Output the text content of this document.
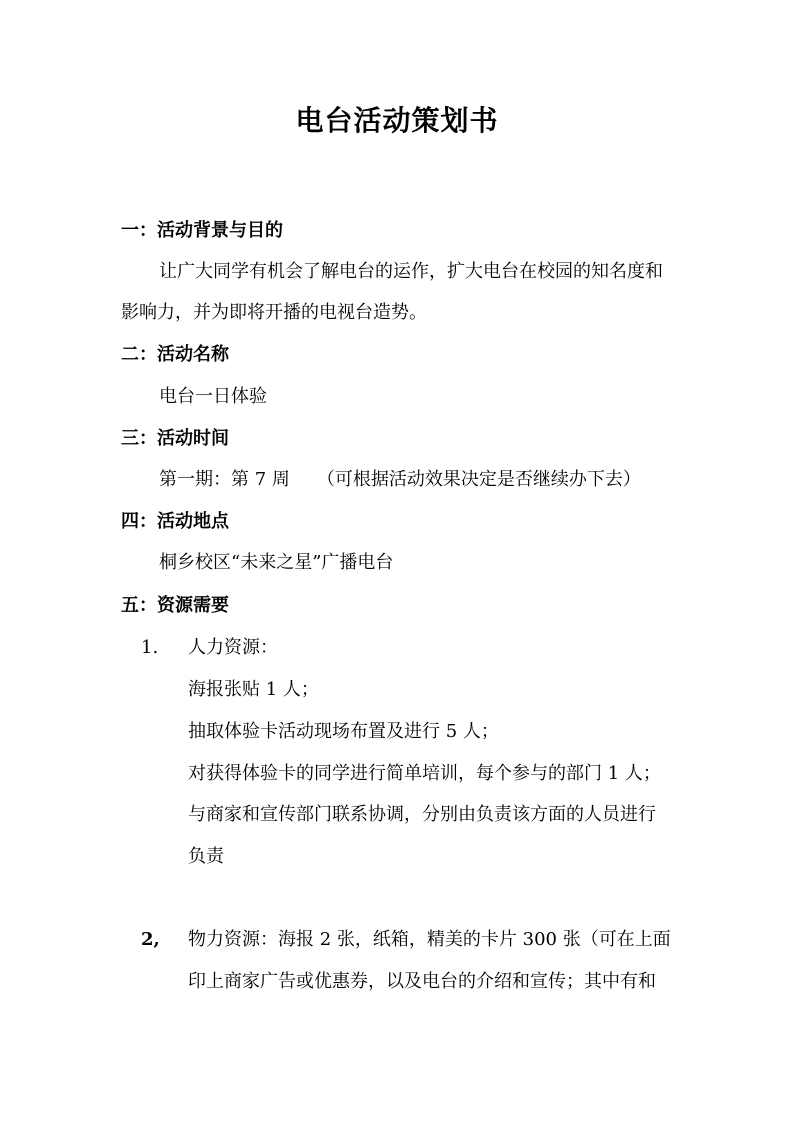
电台活动策划书
一：活动背景与目的
让广大同学有机会了解电台的运作，扩大电台在校园的知名度和
影响力，并为即将开播的电视台造势。
二：活动名称
电台一日体验
三：活动时间
第一期：第 7 周　　（可根据活动效果决定是否继续办下去）
四：活动地点
桐乡校区“未来之星”广播电台
五：资源需要
1. 人力资源：
海报张贴 1 人；
抽取体验卡活动现场布置及进行 5 人；
对获得体验卡的同学进行简单培训，每个参与的部门 1 人；
与商家和宣传部门联系协调，分别由负责该方面的人员进行
负责
2, 物力资源：海报 2 张，纸箱，精美的卡片 300 张（可在上面
印上商家广告或优惠券，以及电台的介绍和宣传；其中有和
